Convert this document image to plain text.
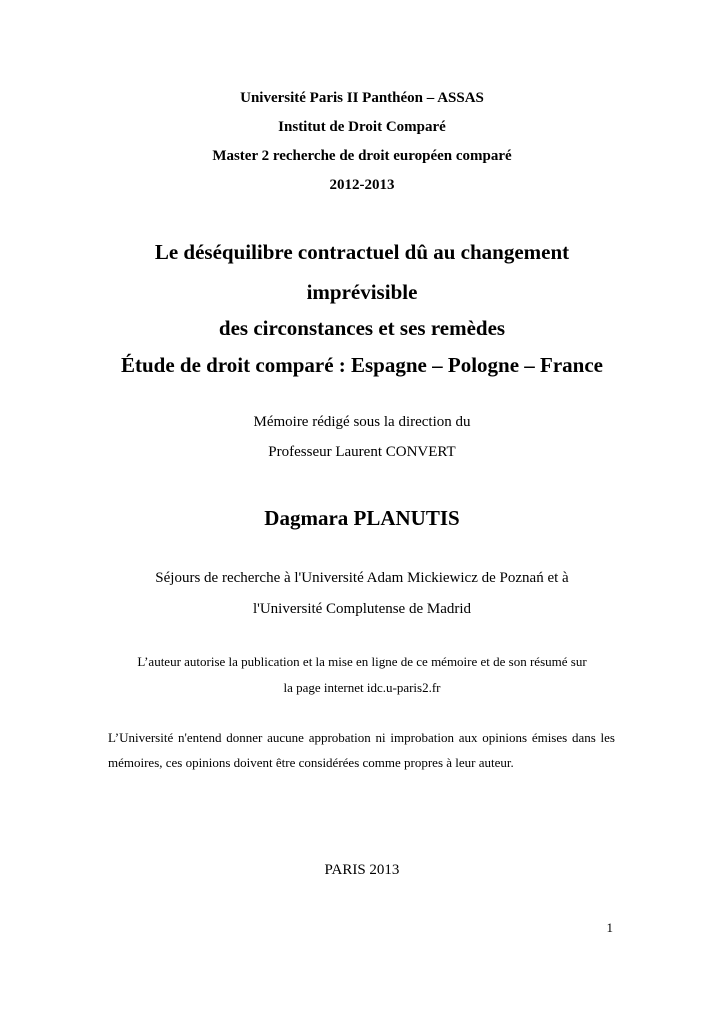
Université Paris II Panthéon – ASSAS
Institut de Droit Comparé
Master 2 recherche de droit européen comparé
2012-2013
Le déséquilibre contractuel dû au changement
imprévisible
des circonstances et ses remèdes
Étude de droit comparé : Espagne – Pologne – France
Mémoire rédigé sous la direction du
Professeur Laurent CONVERT
Dagmara PLANUTIS
Séjours de recherche à l'Université Adam Mickiewicz de Poznań et à
l'Université Complutense de Madrid
L’auteur autorise la publication et la mise en ligne de ce mémoire et de son résumé sur
la page internet idc.u-paris2.fr
L’Université n'entend donner aucune approbation ni improbation aux opinions émises dans les mémoires, ces opinions doivent être considérées comme propres à leur auteur.
PARIS 2013
1
